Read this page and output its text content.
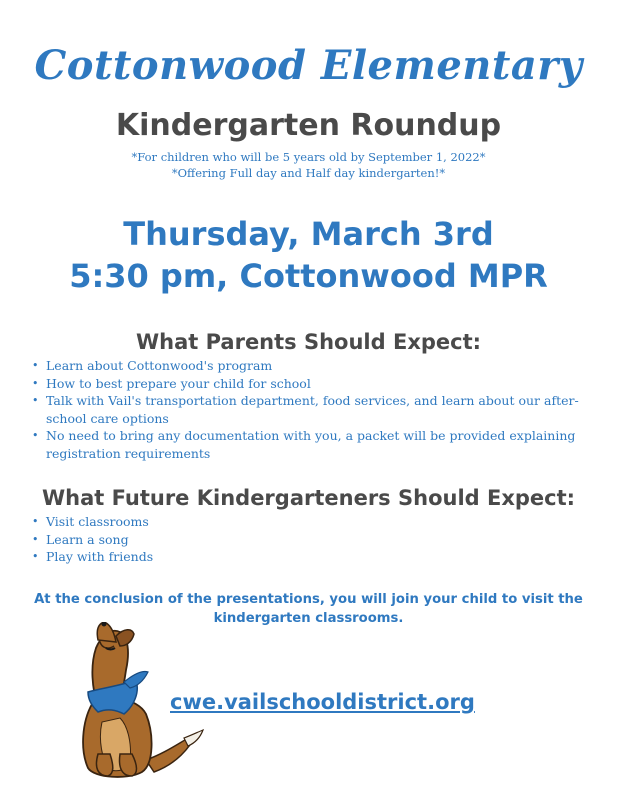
Cottonwood Elementary
Kindergarten Roundup
*For children who will be 5 years old by September 1, 2022*
*Offering Full day and Half day kindergarten!*
Thursday, March 3rd
5:30 pm, Cottonwood MPR
What Parents Should Expect:
• Learn about Cottonwood's program
• How to best prepare your child for school
• Talk with Vail's transportation department, food services, and learn about our after-school care options
• No need to bring any documentation with you, a packet will be provided explaining registration requirements
What Future Kindergarteners Should Expect:
• Visit classrooms
• Learn a song
• Play with friends
At the conclusion of the presentations, you will join your child to visit the kindergarten classrooms.
cwe.vailschooldistrict.org
